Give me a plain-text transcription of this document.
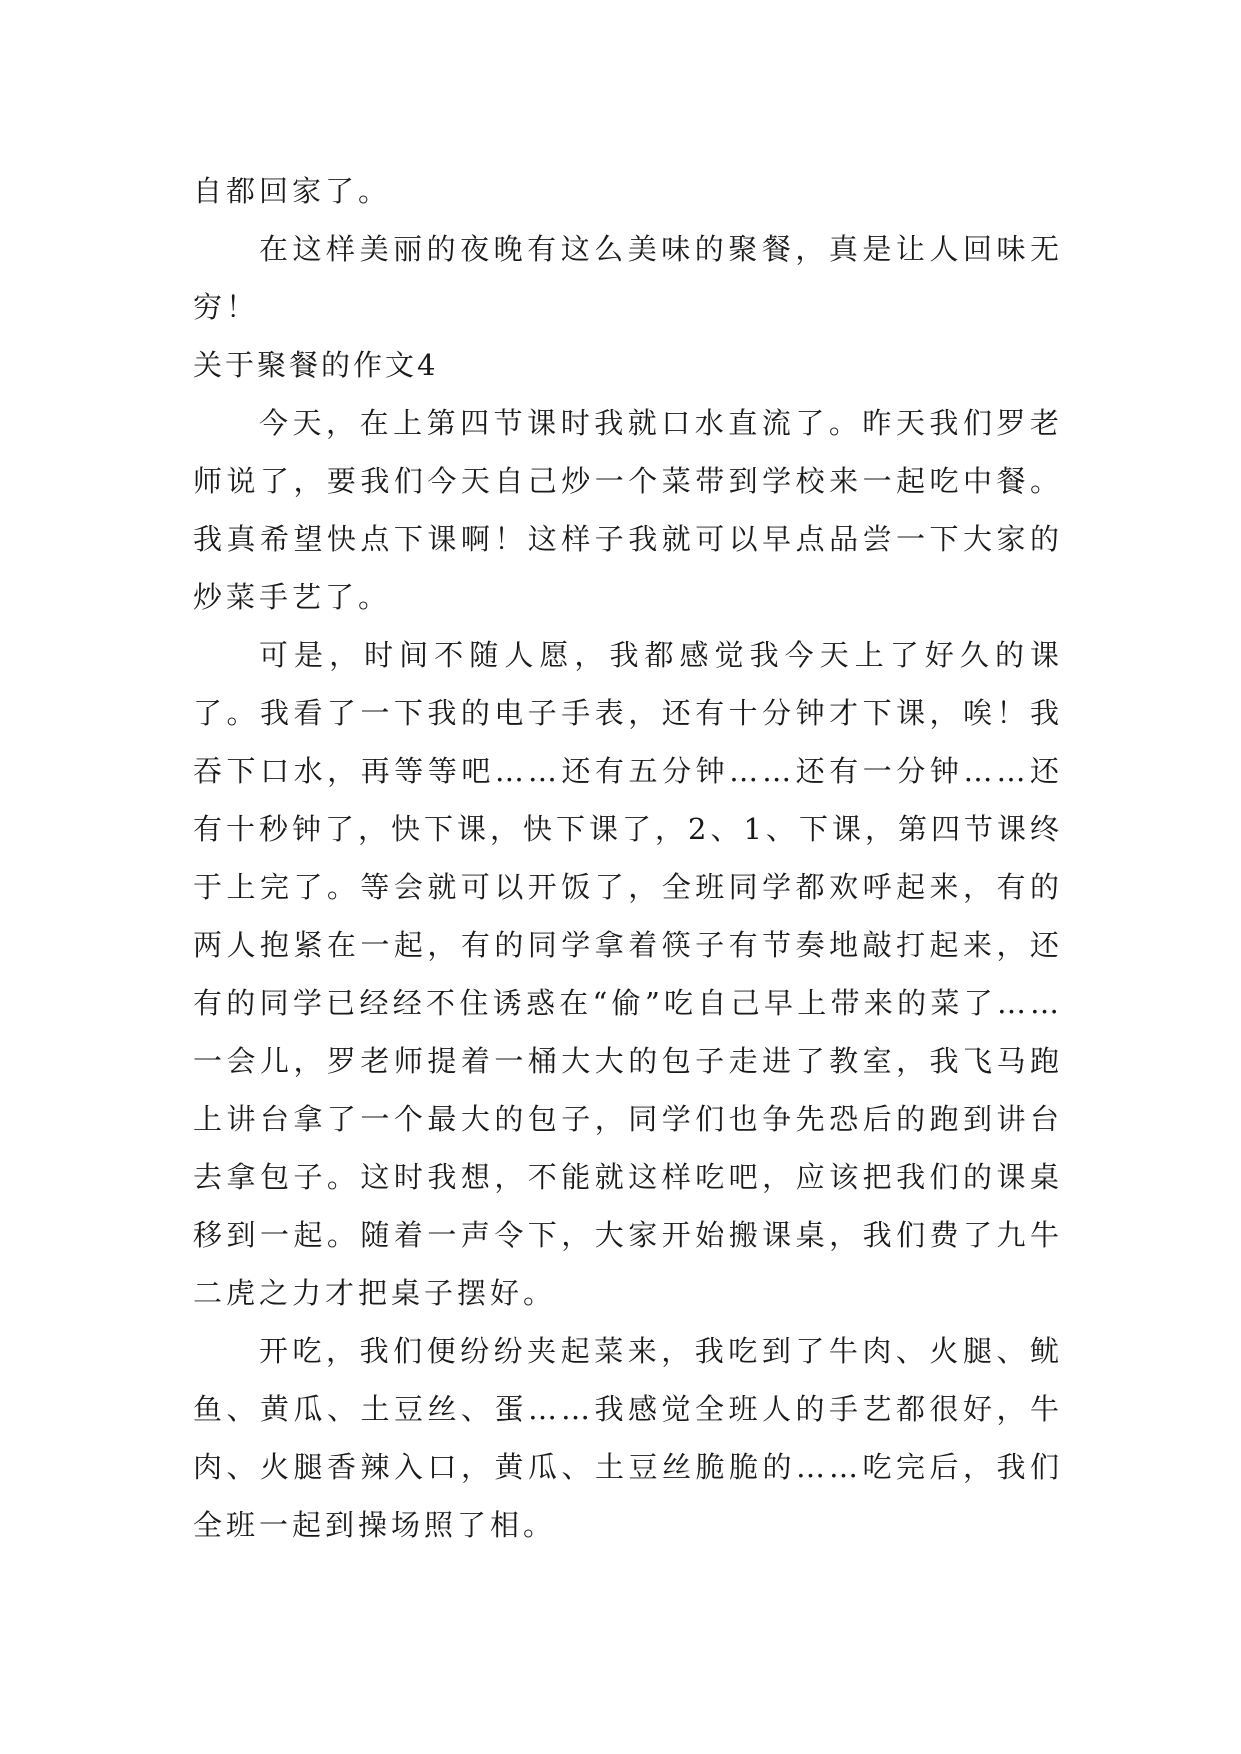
自都回家了。

在这样美丽的夜晚有这么美味的聚餐，真是让人回味无穷！

关于聚餐的作文4

今天，在上第四节课时我就口水直流了。昨天我们罗老师说了，要我们今天自己炒一个菜带到学校来一起吃中餐。我真希望快点下课啊！这样子我就可以早点品尝一下大家的炒菜手艺了。

可是，时间不随人愿，我都感觉我今天上了好久的课了。我看了一下我的电子手表，还有十分钟才下课，唉！我吞下口水，再等等吧……还有五分钟……还有一分钟……还有十秒钟了，快下课，快下课了，2、1、下课，第四节课终于上完了。等会就可以开饭了，全班同学都欢呼起来，有的两人抱紧在一起，有的同学拿着筷子有节奏地敲打起来，还有的同学已经经不住诱惑在“偷”吃自己早上带来的菜了……一会儿，罗老师提着一桶大大的包子走进了教室，我飞马跑上讲台拿了一个最大的包子，同学们也争先恐后的跑到讲台去拿包子。这时我想，不能就这样吃吧，应该把我们的课桌移到一起。随着一声令下，大家开始搬课桌，我们费了九牛二虎之力才把桌子摆好。

开吃，我们便纷纷夹起菜来，我吃到了牛肉、火腿、鱿鱼、黄瓜、土豆丝、蛋……我感觉全班人的手艺都很好，牛肉、火腿香辣入口，黄瓜、土豆丝脆脆的……吃完后，我们全班一起到操场照了相。
